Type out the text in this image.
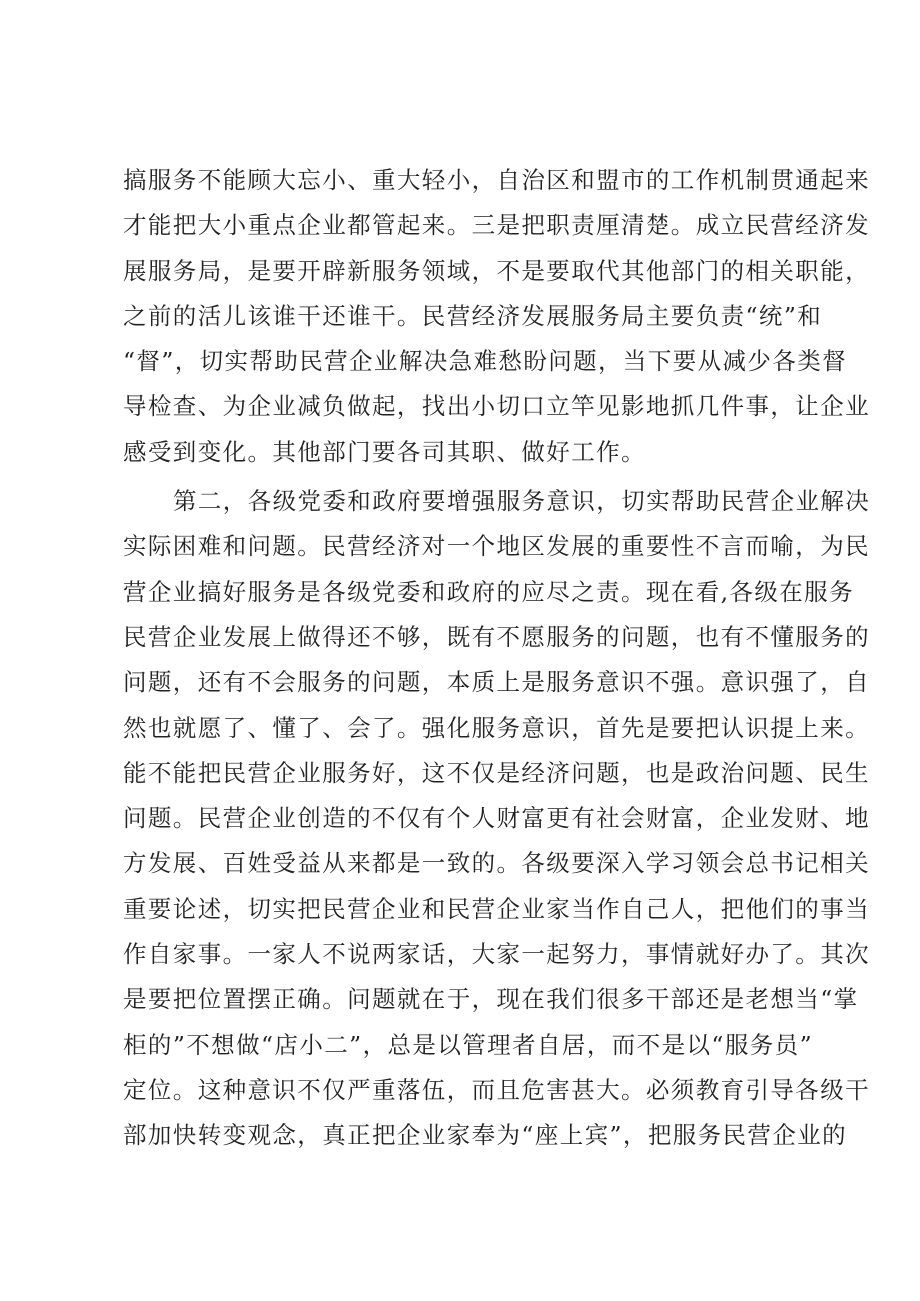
搞服务不能顾大忘小、重大轻小，自治区和盟市的工作机制贯通起来
才能把大小重点企业都管起来。三是把职责厘清楚。成立民营经济发
展服务局，是要开辟新服务领域，不是要取代其他部门的相关职能，
之前的活儿该谁干还谁干。民营经济发展服务局主要负责“统”和
“督”，切实帮助民营企业解决急难愁盼问题，当下要从减少各类督
导检查、为企业减负做起，找出小切口立竿见影地抓几件事，让企业
感受到变化。其他部门要各司其职、做好工作。
第二，各级党委和政府要增强服务意识，切实帮助民营企业解决
实际困难和问题。民营经济对一个地区发展的重要性不言而喻，为民
营企业搞好服务是各级党委和政府的应尽之责。现在看,各级在服务
民营企业发展上做得还不够，既有不愿服务的问题，也有不懂服务的
问题，还有不会服务的问题，本质上是服务意识不强。意识强了，自
然也就愿了、懂了、会了。强化服务意识，首先是要把认识提上来。
能不能把民营企业服务好，这不仅是经济问题，也是政治问题、民生
问题。民营企业创造的不仅有个人财富更有社会财富，企业发财、地
方发展、百姓受益从来都是一致的。各级要深入学习领会总书记相关
重要论述，切实把民营企业和民营企业家当作自己人，把他们的事当
作自家事。一家人不说两家话，大家一起努力，事情就好办了。其次
是要把位置摆正确。问题就在于，现在我们很多干部还是老想当“掌
柜的”不想做“店小二”，总是以管理者自居，而不是以“服务员”
定位。这种意识不仅严重落伍，而且危害甚大。必须教育引导各级干
部加快转变观念，真正把企业家奉为“座上宾”，把服务民营企业的
